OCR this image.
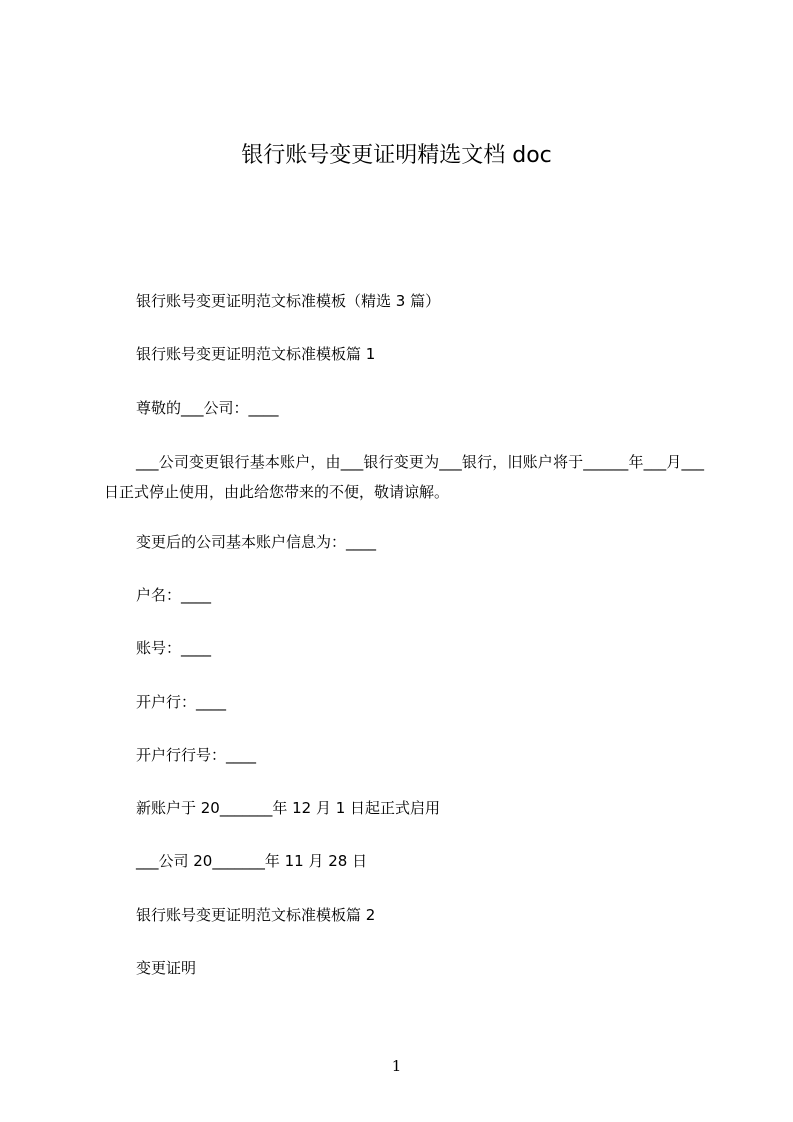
银行账号变更证明精选文档 doc
银行账号变更证明范文标准模板（精选 3 篇）
银行账号变更证明范文标准模板篇 1
尊敬的___公司：____
___公司变更银行基本账户，由___银行变更为___银行，旧账户将于______年___月___日正式停止使用，由此给您带来的不便，敬请谅解。
变更后的公司基本账户信息为：____
户名：____
账号：____
开户行：____
开户行行号：____
新账户于 20_______年 12 月 1 日起正式启用
___公司 20_______年 11 月 28 日
银行账号变更证明范文标准模板篇 2
变更证明
1
